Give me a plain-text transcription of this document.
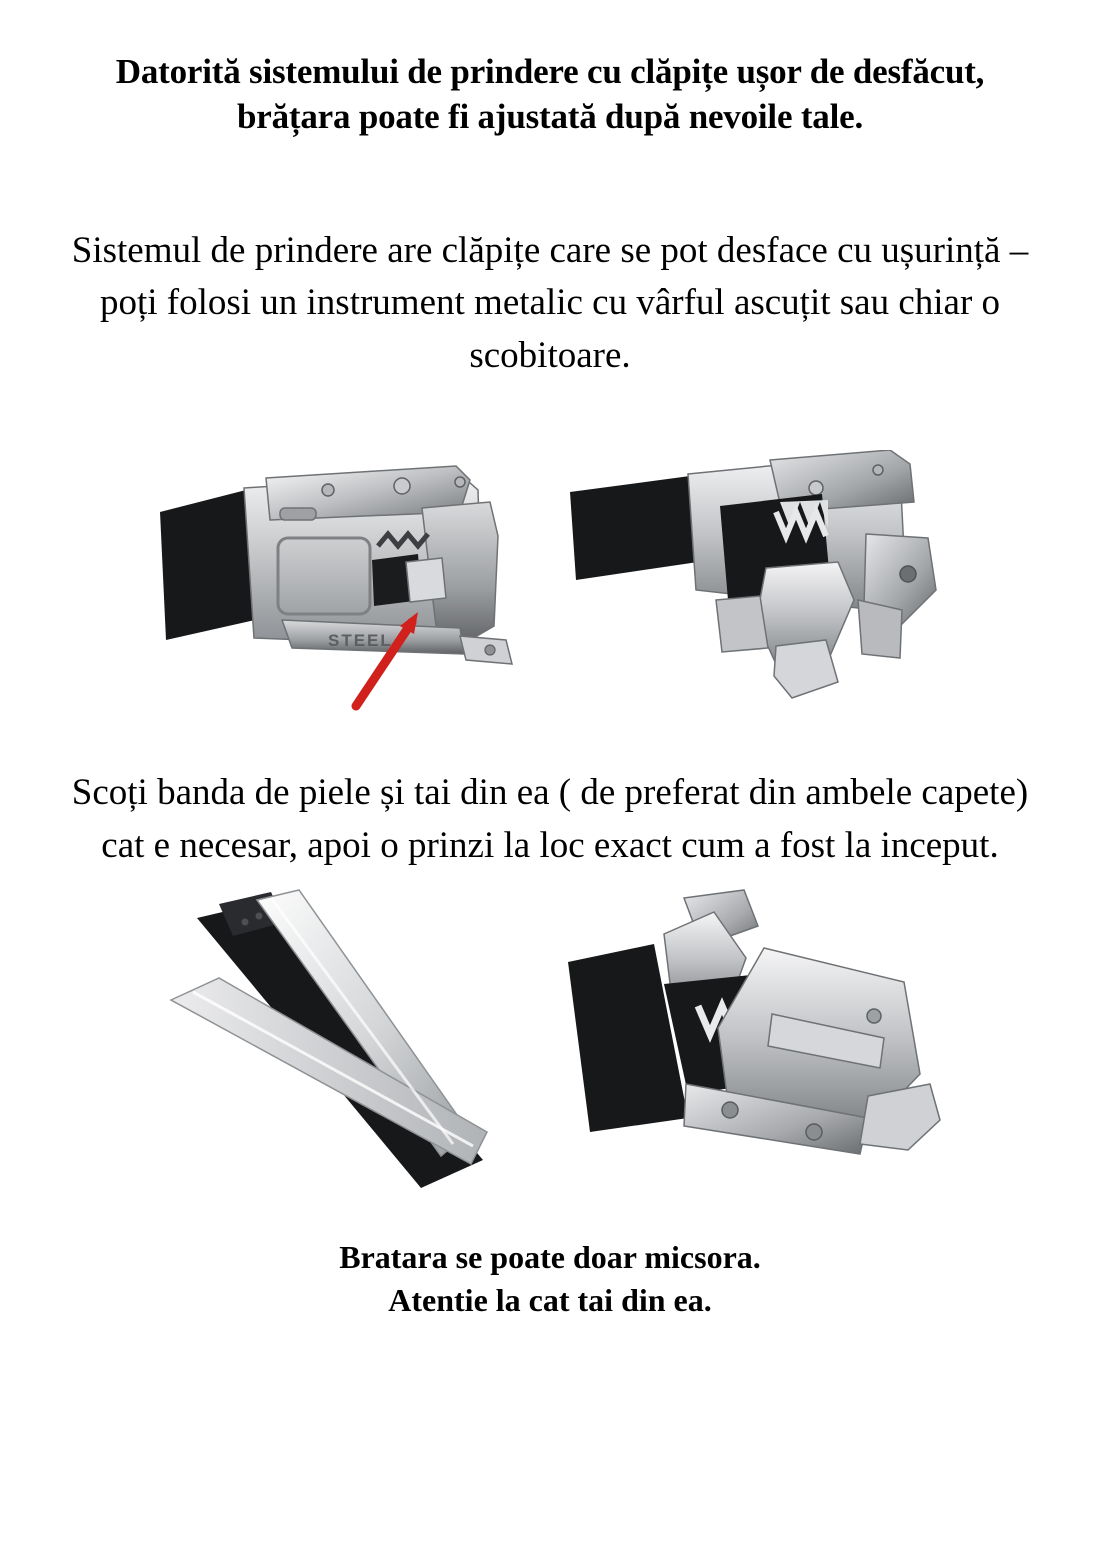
Datorită sistemului de prindere cu clăpițe ușor de desfăcut, brățara poate fi ajustată după nevoile tale.
Sistemul de prindere are clăpițe care se pot desface cu ușurință – poți folosi un instrument metalic cu vârful ascuțit sau chiar o scobitoare.
STEEL
Scoți banda de piele și tai din ea ( de preferat din ambele capete) cat e necesar, apoi o prinzi la loc exact cum a fost la inceput.
Bratara se poate doar micsora.
Atentie la cat tai din ea.
